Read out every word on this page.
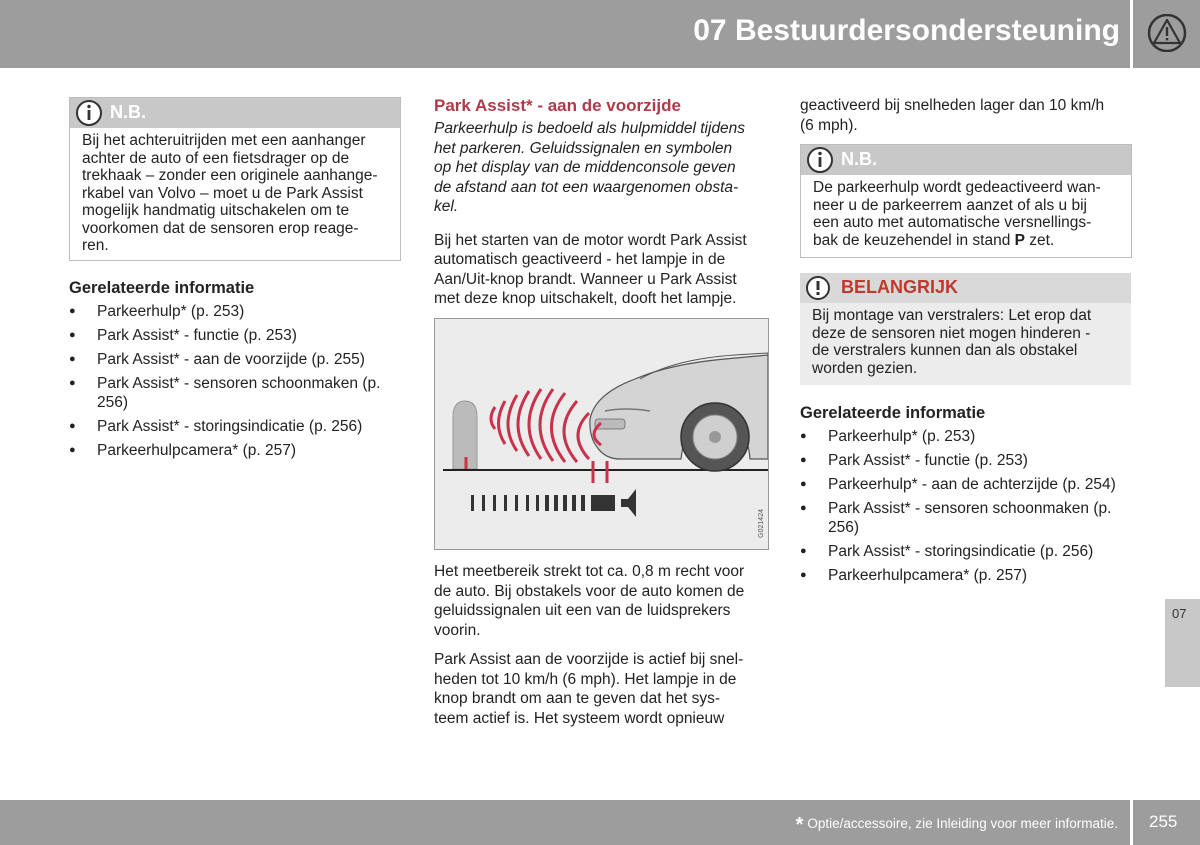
07 Bestuurdersondersteuning
N.B.
Bij het achteruitrijden met een aanhanger
achter de auto of een fietsdrager op de
trekhaak – zonder een originele aanhange-
rkabel van Volvo – moet u de Park Assist
mogelijk handmatig uitschakelen om te
voorkomen dat de sensoren erop reage-
ren.
Gerelateerde informatie
● Parkeerhulp* (p. 253)
● Park Assist* - functie (p. 253)
● Park Assist* - aan de voorzijde (p. 255)
● Park Assist* - sensoren schoonmaken (p. 256)
● Park Assist* - storingsindicatie (p. 256)
● Parkeerhulpcamera* (p. 257)
Park Assist* - aan de voorzijde
Parkeerhulp is bedoeld als hulpmiddel tijdens
het parkeren. Geluidssignalen en symbolen
op het display van de middenconsole geven
de afstand aan tot een waargenomen obsta-
kel.
Bij het starten van de motor wordt Park Assist
automatisch geactiveerd - het lampje in de
Aan/Uit-knop brandt. Wanneer u Park Assist
met deze knop uitschakelt, dooft het lampje.
G021424
Het meetbereik strekt tot ca. 0,8 m recht voor
de auto. Bij obstakels voor de auto komen de
geluidssignalen uit een van de luidsprekers
voorin.
Park Assist aan de voorzijde is actief bij snel-
heden tot 10 km/h (6 mph). Het lampje in de
knop brandt om aan te geven dat het sys-
teem actief is. Het systeem wordt opnieuw
geactiveerd bij snelheden lager dan 10 km/h
(6 mph).
N.B.
De parkeerhulp wordt gedeactiveerd wan-
neer u de parkeerrem aanzet of als u bij
een auto met automatische versnellings-
bak de keuzehendel in stand P zet.
BELANGRIJK
Bij montage van verstralers: Let erop dat
deze de sensoren niet mogen hinderen -
de verstralers kunnen dan als obstakel
worden gezien.
Gerelateerde informatie
● Parkeerhulp* (p. 253)
● Park Assist* - functie (p. 253)
● Parkeerhulp* - aan de achterzijde (p. 254)
● Park Assist* - sensoren schoonmaken (p. 256)
● Park Assist* - storingsindicatie (p. 256)
● Parkeerhulpcamera* (p. 257)
07
* Optie/accessoire, zie Inleiding voor meer informatie. 255
